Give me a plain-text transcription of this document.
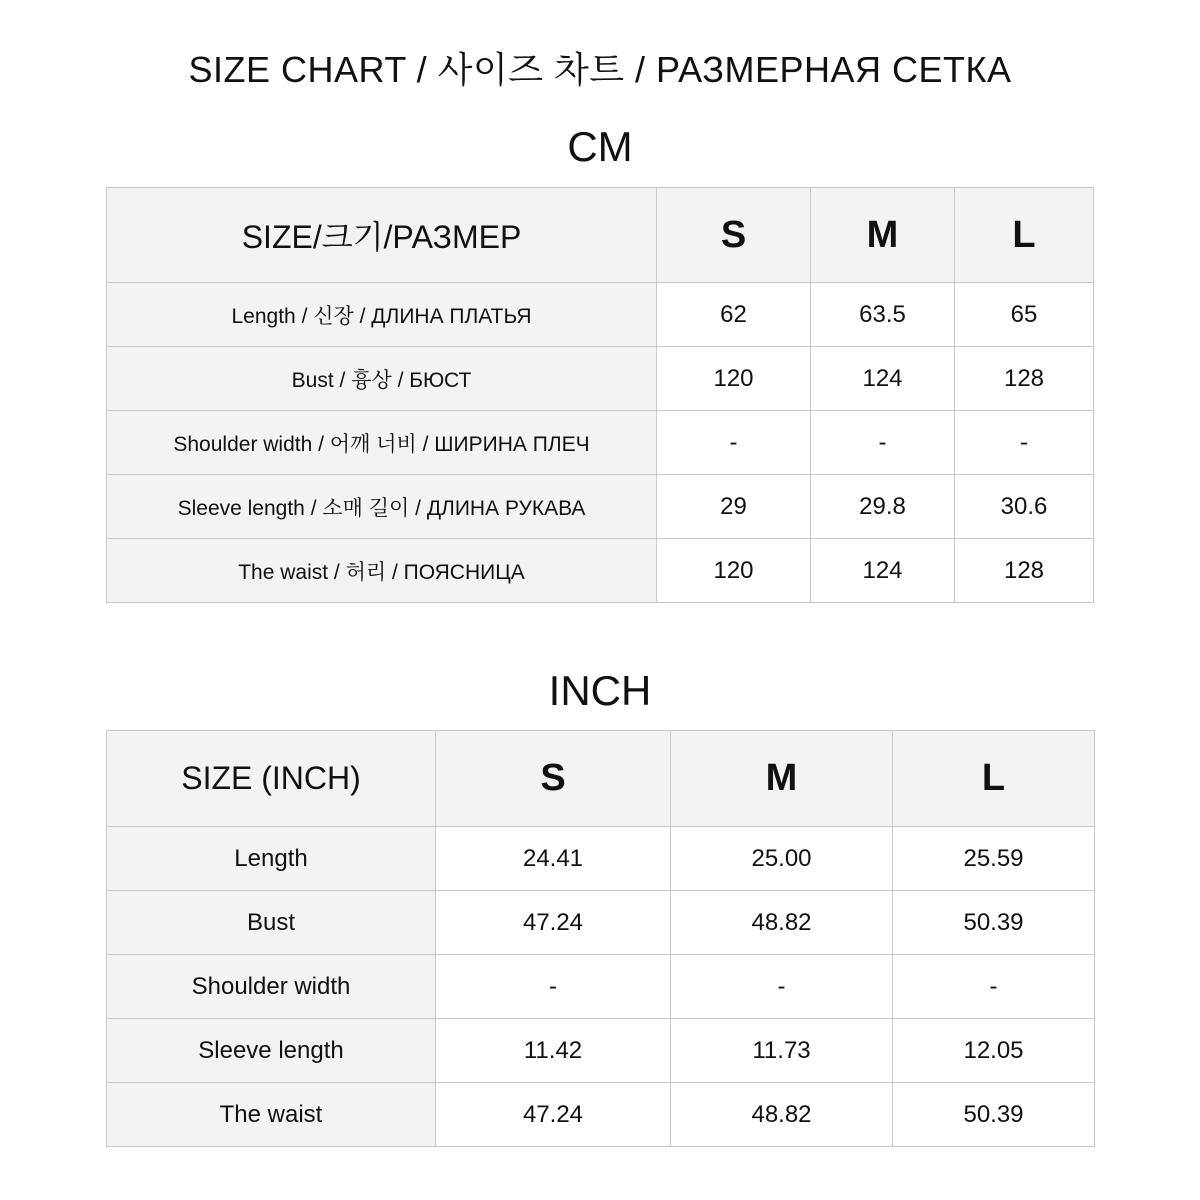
SIZE CHART / 사이즈 차트 / РАЗМЕРНАЯ СЕТКА
CM
SIZE/크기/РАЗМЕР	S	M	L
Length / 신장 / ДЛИНА ПЛАТЬЯ	62	63.5	65
Bust / 흉상 / БЮСТ	120	124	128
Shoulder width / 어깨 너비 / ШИРИНА ПЛЕЧ	-	-	-
Sleeve length / 소매 길이 / ДЛИНА РУКАВА	29	29.8	30.6
The waist / 허리 / ПОЯСНИЦА	120	124	128
INCH
SIZE (INCH)	S	M	L
Length	24.41	25.00	25.59
Bust	47.24	48.82	50.39
Shoulder width	-	-	-
Sleeve length	11.42	11.73	12.05
The waist	47.24	48.82	50.39
